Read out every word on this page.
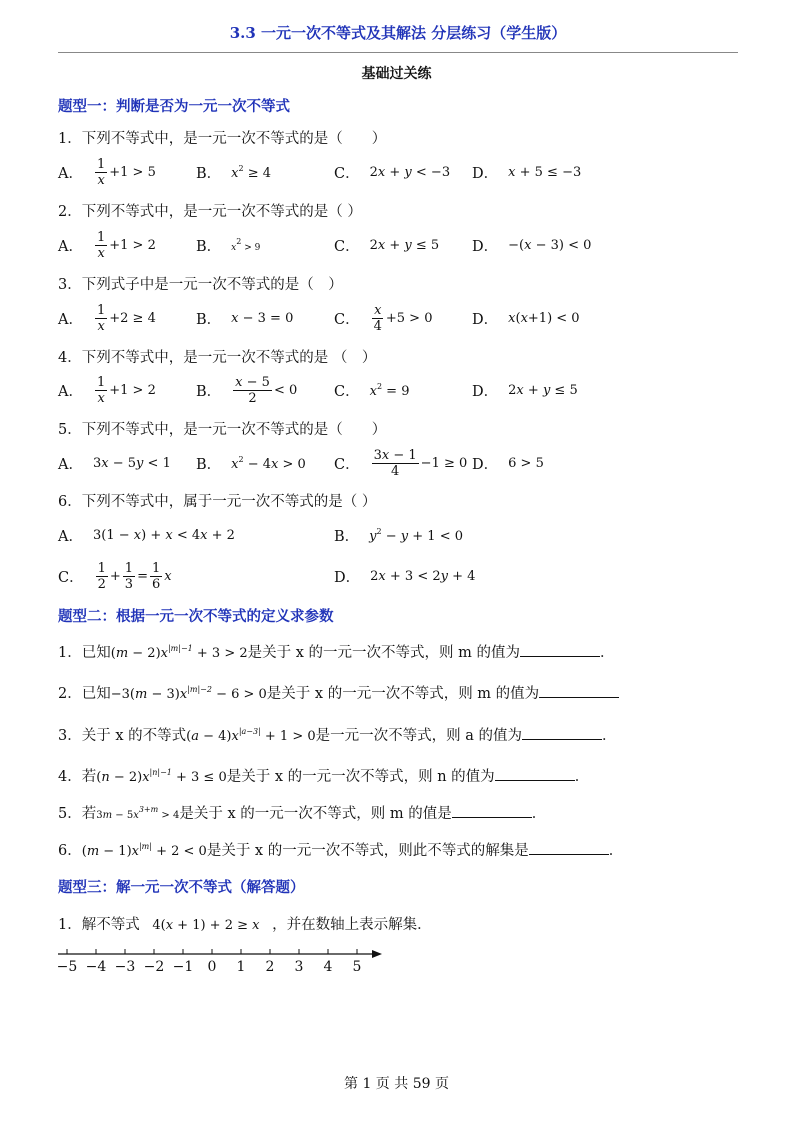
3.3 一元一次不等式及其解法 分层练习（学生版）
基础过关练
题型一：判断是否为一元一次不等式
1．下列不等式中，是一元一次不等式的是（　　）
A． $\frac{1}{x} +1 > 5$	B． $x^2 \ge 4$	C． 2x + y < −3 D． x + 5 ≤ −3
2．下列不等式中，是一元一次不等式的是（ ）
A． $\frac{1}{x} +1 > 2$	B． $x^2 > 9$	C． 2x + y ≤ 5 D． −(x − 3) < 0
3．下列式子中是一元一次不等式的是（　）
A． $\frac{1}{x} +2 \ge 4$	B． x − 3 = 0	C． $\frac{x}{4} +5 > 0$	D． x(x+1) < 0
4．下列不等式中，是一元一次不等式的是 （　）
A． $\frac{1}{x} +1 > 2$	B． $\frac{x - 5}{2} < 0$	C． $x^2 = 9$	D． 2x + y ≤ 5
5．下列不等式中，是一元一次不等式的是（　　）
A． 3x − 5y < 1 B． $x^2 - 4x > 0$ C． $\frac{3x - 1}{4} -1 \ge 0$ D． 6 > 5
6．下列不等式中，属于一元一次不等式的是（ ）
A． 3(1 − x) + x < 4x + 2	B． $y^2 - y + 1 < 0$
C． $\frac{1}{2} + \frac{1}{3} = \frac{1}{6}$ x	D． 2x + 3 < 2y + 4
题型二：根据一元一次不等式的定义求参数
1．已知$(m - 2)x^{|m|-1} + 3 > 2$是关于 x 的一元一次不等式，则 m 的值为	．
2．已知$-3(m - 3)x^{|m|-2} - 6 > 0$是关于 x 的一元一次不等式，则 m 的值为
3．关于 x 的不等式$(a - 4)x^{|a-3|} + 1 > 0$是一元一次不等式，则 a 的值为	．
4．若$(n - 2)x^{|n|-1} + 3 \le 0$是关于 x 的一元一次不等式，则 n 的值为	．
5．若$3m - 5x^{3+m} > 4$是关于 x 的一元一次不等式，则 m 的值是	．
6．$(m - 1)x^{|m|} + 2 < 0$是关于 x 的一元一次不等式，则此不等式的解集是	．
题型三：解一元一次不等式（解答题）
1．解不等式 4(x + 1) + 2 ≥ x ，并在数轴上表示解集．
−5 −4 −3 −2 −1 0 1 2 3 4 5
第 1 页 共 59 页
